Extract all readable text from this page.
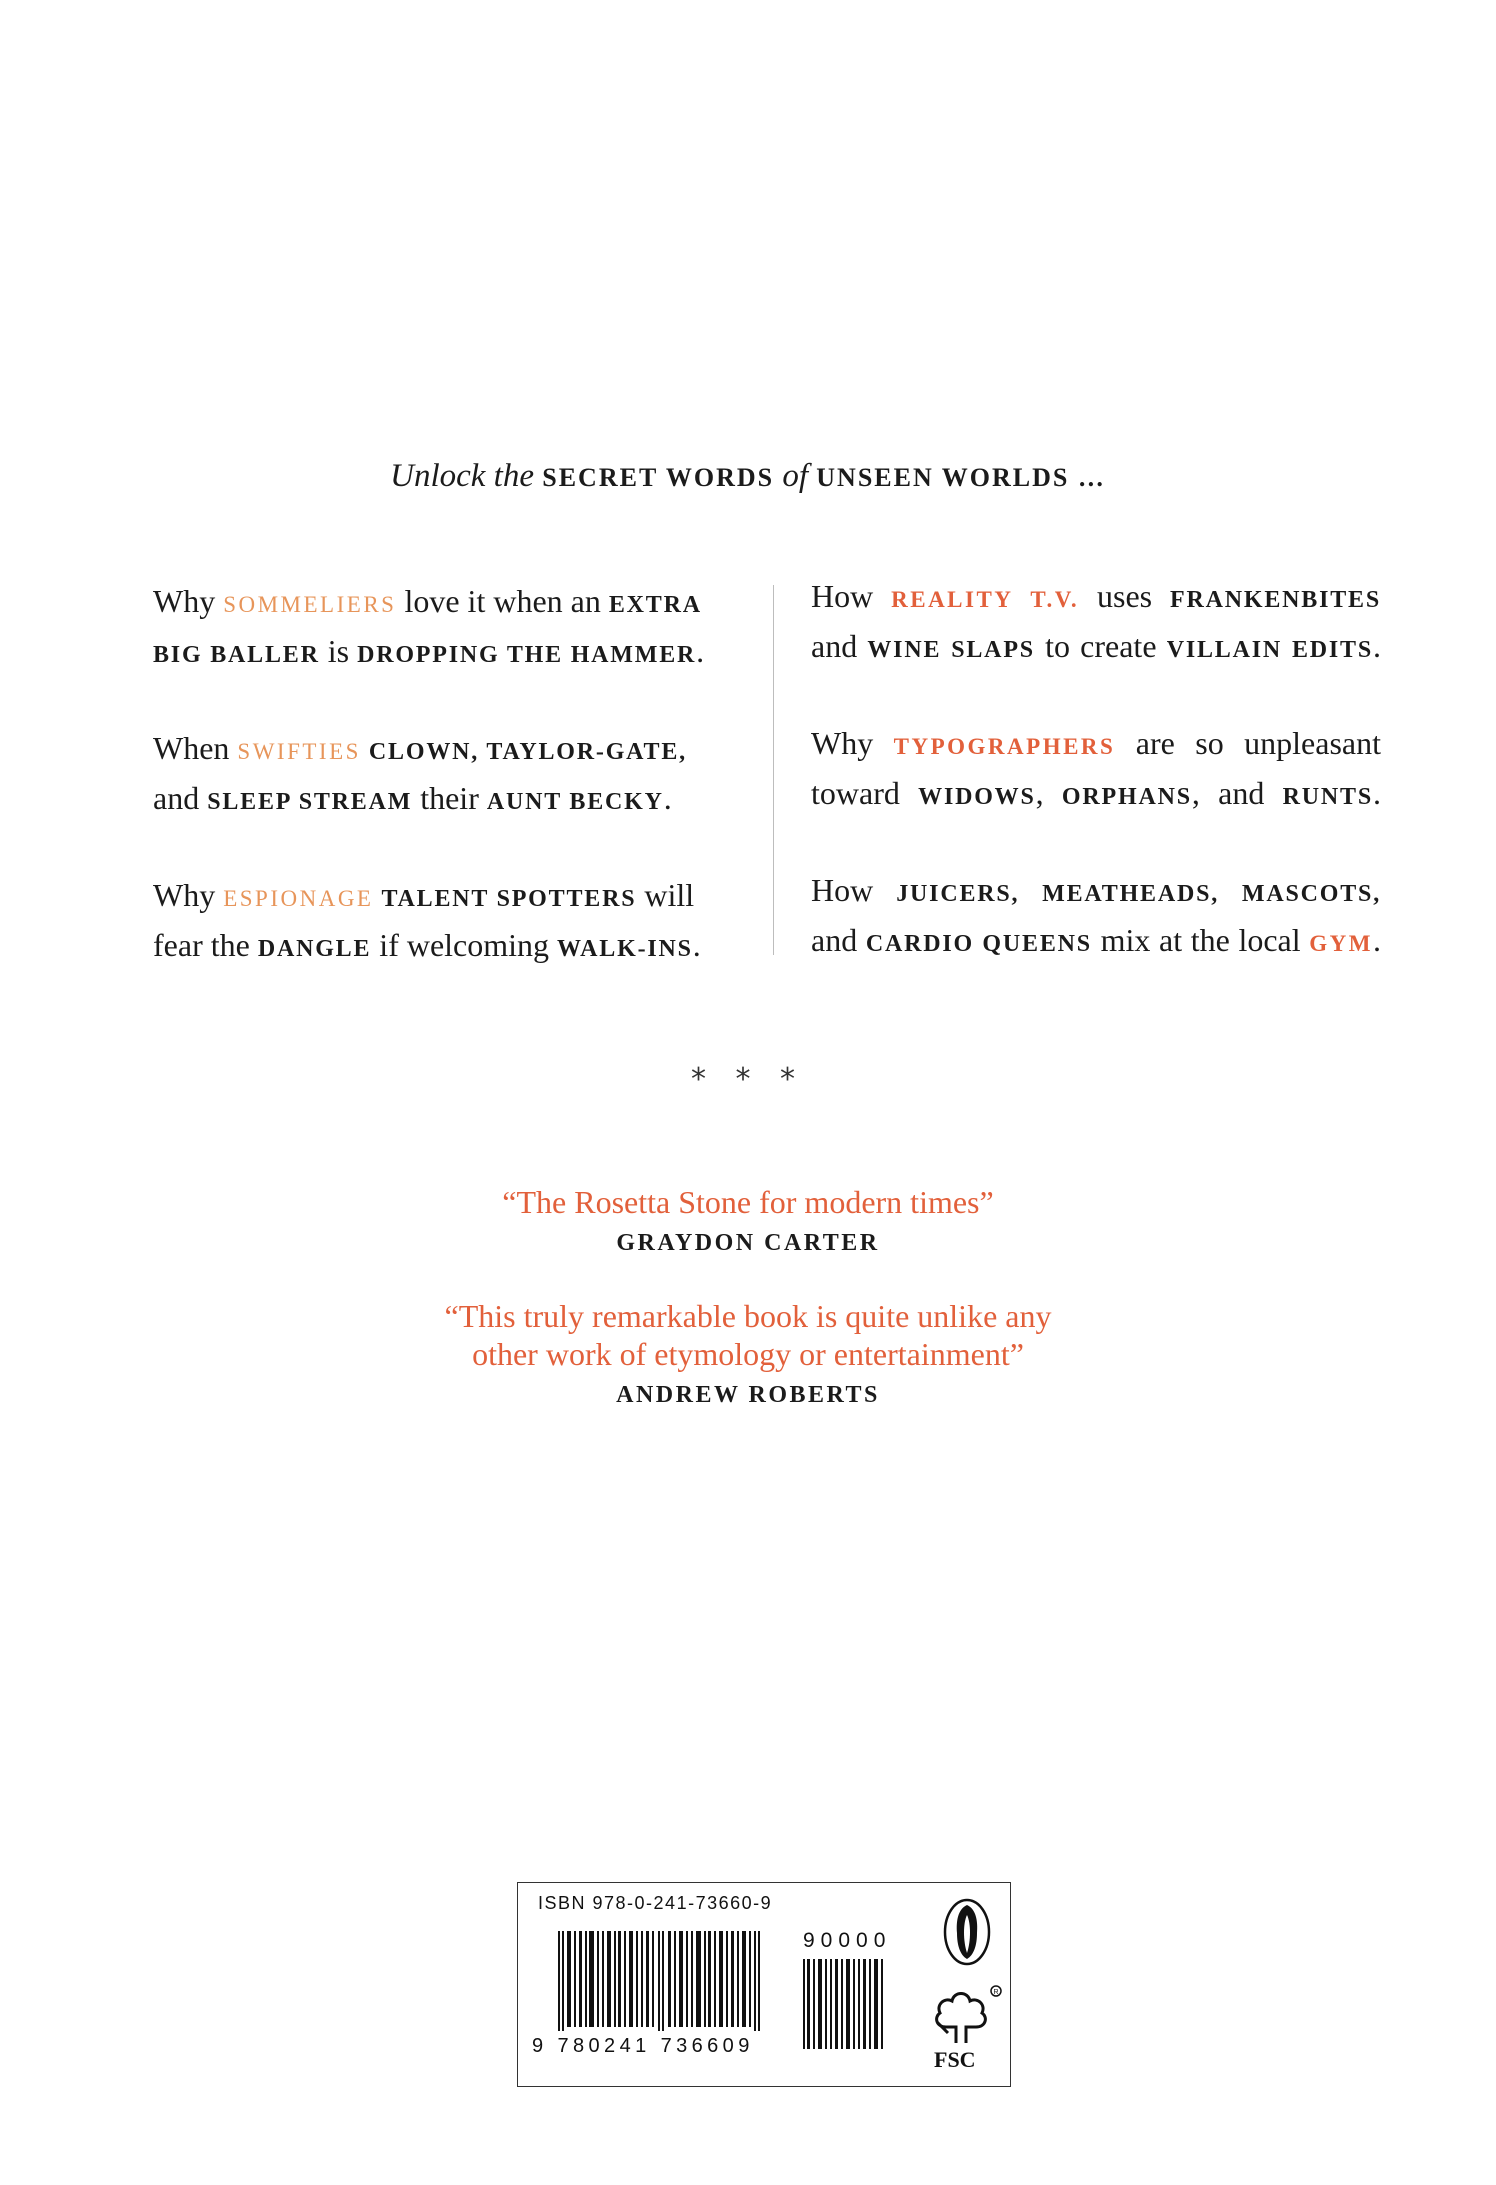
Unlock the SECRET WORDS of UNSEEN WORLDS …
Why SOMMELIERS love it when an EXTRA
BIG BALLER is DROPPING THE HAMMER.
When SWIFTIES CLOWN, TAYLOR-GATE,
and SLEEP STREAM their AUNT BECKY.
Why ESPIONAGE TALENT SPOTTERS will
fear the DANGLE if welcoming WALK-INS.
How REALITY T.V. uses FRANKENBITES
and WINE SLAPS to create VILLAIN EDITS.
Why TYPOGRAPHERS are so unpleasant
toward WIDOWS, ORPHANS, and RUNTS.
How JUICERS, MEATHEADS, MASCOTS,
and CARDIO QUEENS mix at the local GYM.
* * *
“The Rosetta Stone for modern times”
GRAYDON CARTER
“This truly remarkable book is quite unlike any
other work of etymology or entertainment”
ANDREW ROBERTS
ISBN 978-0-241-73660-9
90000
9 780241 736609
R
FSC
